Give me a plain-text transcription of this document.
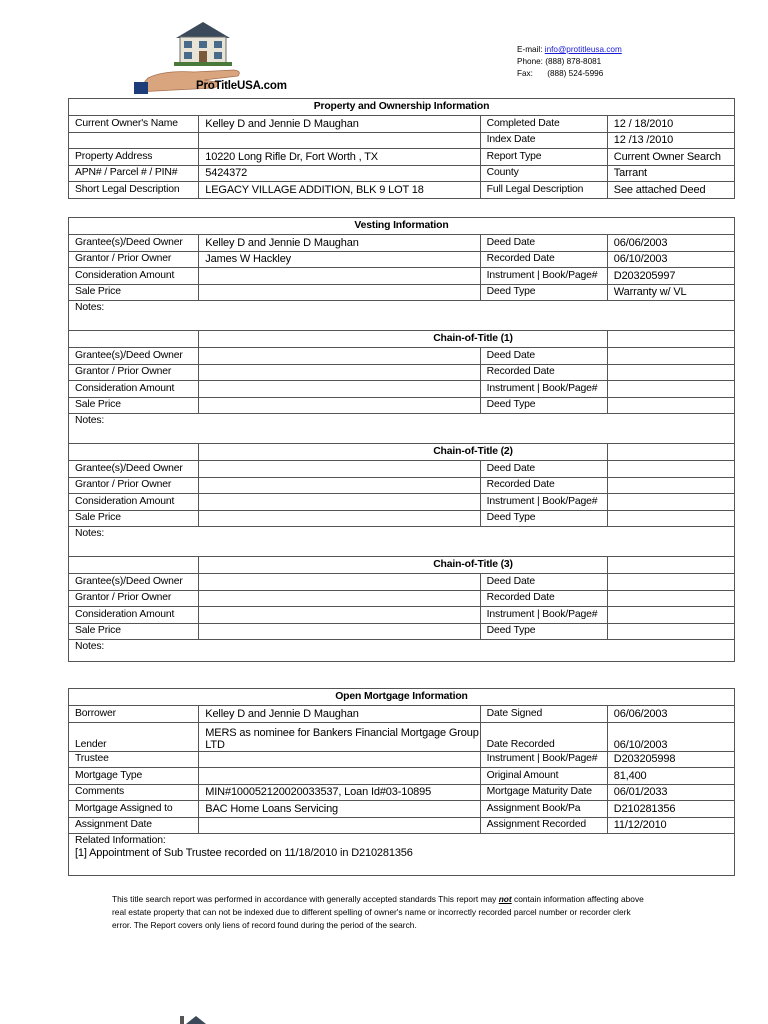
ProTitleUSA.com
E-mail: info@protitleusa.com
Phone: (888) 878-8081
Fax: (888) 524-5996
Property and Ownership Information			
Current Owner's Name	Kelley D and Jennie D Maughan	Completed Date	12 / 18/2010
		Index Date	12 /13 /2010
Property Address	10220 Long Rifle Dr, Fort Worth , TX	Report Type	Current Owner Search
APN# / Parcel # / PIN#	5424372	County	Tarrant
Short Legal Description	LEGACY VILLAGE ADDITION, BLK 9 LOT 18	Full Legal Description	See attached Deed
Vesting Information			
Grantee(s)/Deed Owner	Kelley D and Jennie D Maughan	Deed Date	06/06/2003
Grantor / Prior Owner	James W Hackley	Recorded Date	06/10/2003
Consideration Amount		Instrument | Book/Page#	D203205997
Sale Price		Deed Type	Warranty w/ VL
Notes:			
	Chain-of-Title (1)		
Grantee(s)/Deed Owner		Deed Date	
Grantor / Prior Owner		Recorded Date	
Consideration Amount		Instrument | Book/Page#	
Sale Price		Deed Type	
Notes:			
	Chain-of-Title (2)		
Grantee(s)/Deed Owner		Deed Date	
Grantor / Prior Owner		Recorded Date	
Consideration Amount		Instrument | Book/Page#	
Sale Price		Deed Type	
Notes:			
	Chain-of-Title (3)		
Grantee(s)/Deed Owner		Deed Date	
Grantor / Prior Owner		Recorded Date	
Consideration Amount		Instrument | Book/Page#	
Sale Price		Deed Type	
Notes:			
Open Mortgage Information			
Borrower	Kelley D and Jennie D Maughan	Date Signed	06/06/2003
Lender	MERS as nominee for Bankers Financial Mortgage Group LTD	Date Recorded	06/10/2003
Trustee		Instrument | Book/Page#	D203205998
Mortgage Type		Original Amount	81,400
Comments	MIN#100052120020033537, Loan Id#03-10895	Mortgage Maturity Date	06/01/2033
Mortgage Assigned to	BAC Home Loans Servicing	Assignment Book/Pa	D210281356
Assignment Date		Assignment Recorded	11/12/2010

Related Information:
[1] Appointment of Sub Trustee recorded on 11/18/2010 in D210281356			
This title search report was performed in accordance with generally accepted standards This report may not contain information affecting above real estate property that can not be indexed due to different spelling of owner's name or incorrectly recorded parcel number or recorder clerk error. The Report covers only liens of record found during the period of the search.
